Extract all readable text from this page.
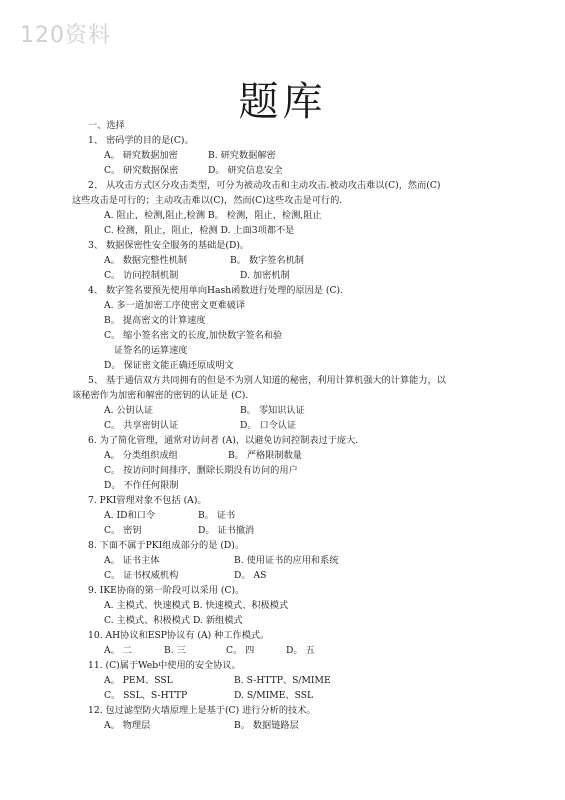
120资料
题库
一、选择
1、 密码学的目的是(C)。
A。 研究数据加密	B. 研究数据解密
C。 研究数据保密	D。 研究信息安全
2、 从攻击方式区分攻击类型，可分为被动攻击和主动攻击.被动攻击难以(C)，然而(C)
这些攻击是可行的；主动攻击难以(C)，然而(C)这些攻击是可行的.
A. 阻止，检测,阻止,检测 B。 检测，阻止，检测,阻止
C. 检测，阻止，阻止，检测 D. 上面3项都不是
3、 数据保密性安全服务的基础是(D)。
A。 数据完整性机制	B。 数字签名机制
C。 访问控制机制	D. 加密机制
4、 数字签名要预先使用单向Hash函数进行处理的原因是 (C).
A. 多一道加密工序使密文更难破译
B。 提高密文的计算速度
C。 缩小签名密文的长度,加快数字签名和验
证签名的运算速度
D。 保证密文能正确还原成明文
5、 基于通信双方共同拥有的但是不为别人知道的秘密，利用计算机强大的计算能力，以
该秘密作为加密和解密的密钥的认证是 (C).
A. 公钥认证	B。 零知识认证
C。 共享密钥认证	D。 口令认证
6. 为了简化管理，通常对访问者 (A)，以避免访问控制表过于庞大.
A。 分类组织成组	B。 严格限制数量
C。 按访问时间排序，删除长期没有访问的用户
D。 不作任何限制
7. PKI管理对象不包括 (A)。
A. ID和口令	B。 证书
C。 密钥	D。 证书撤消
8. 下面不属于PKI组成部分的是 (D)。
A。 证书主体	B. 使用证书的应用和系统
C。 证书权威机构	D。 AS
9. IKE协商的第一阶段可以采用 (C)。
A. 主模式、快速模式 B. 快速模式、积极模式
C. 主模式、积极模式 D. 新组模式
10. AH协议和ESP协议有 (A) 种工作模式。
A。 二	B. 三	C。 四	D。 五
11. (C)属于Web中使用的安全协议。
A。 PEM、SSL	B. S-HTTP、S/MIME
C。 SSL、S-HTTP	D. S/MIME、SSL
12. 包过滤型防火墙原理上是基于(C) 进行分析的技术。
A。 物理层	B。 数据链路层
